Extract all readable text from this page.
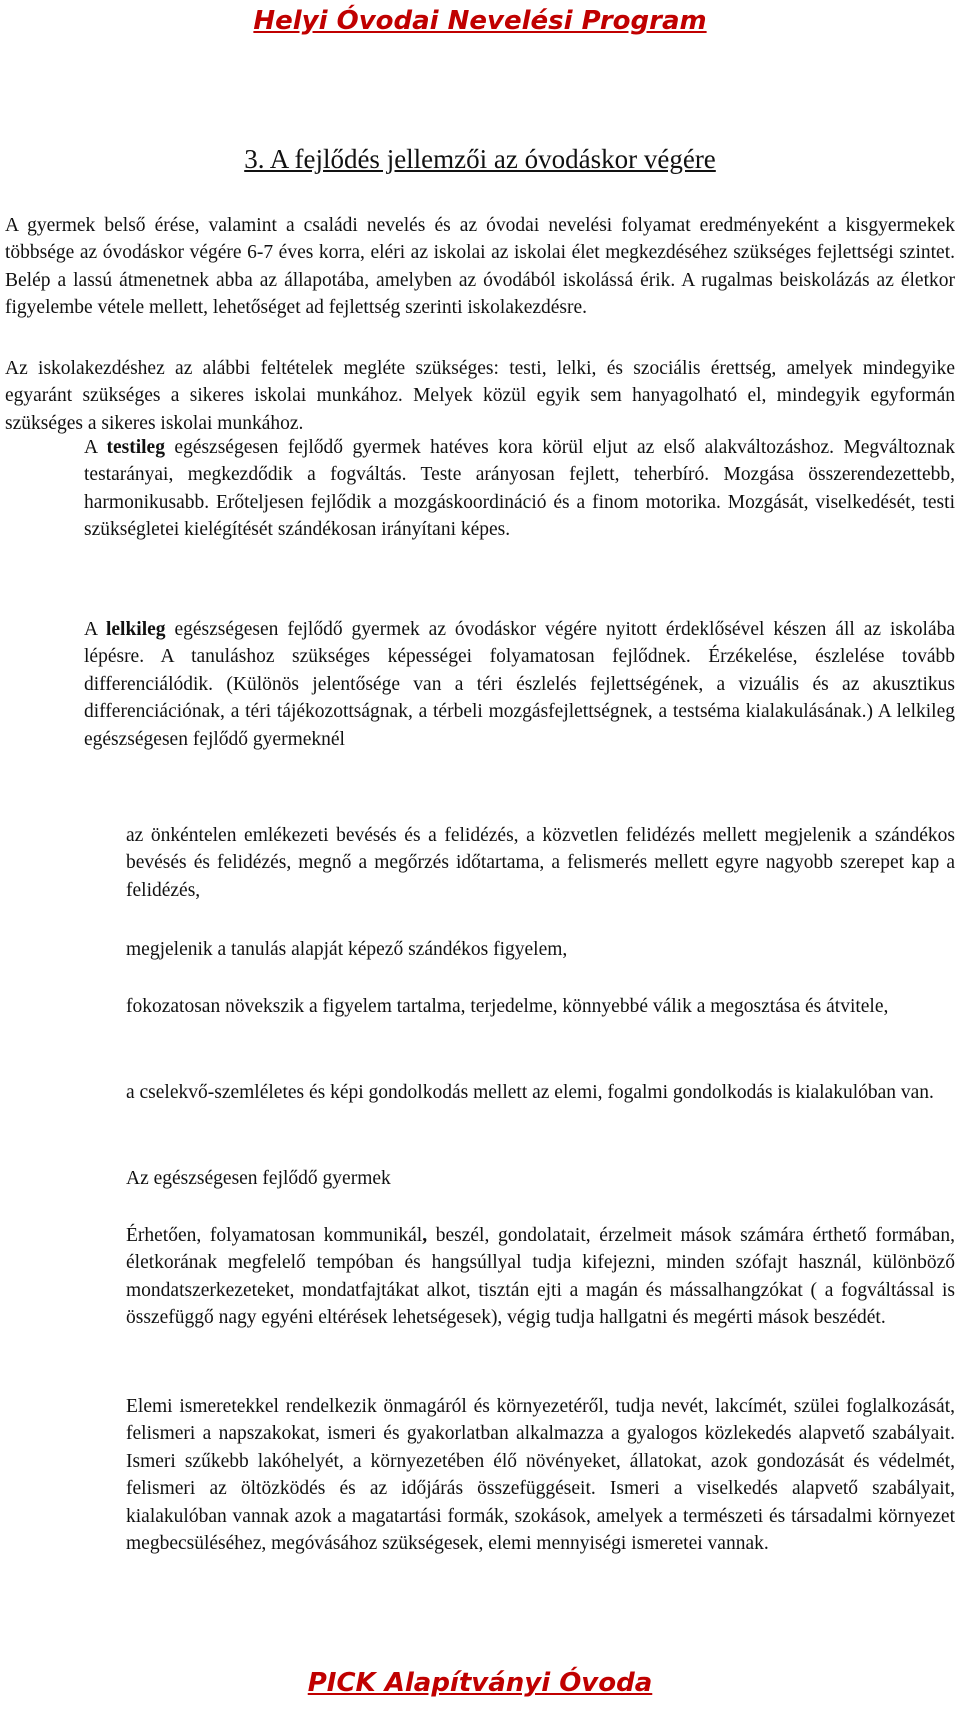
Helyi Óvodai Nevelési Program
3. A fejlődés jellemzői az óvodáskor végére

A gyermek belső érése, valamint a családi nevelés és az óvodai nevelési folyamat eredményeként a kisgyermekek többsége az óvodáskor végére 6-7 éves korra, eléri az iskolai az iskolai élet megkezdéséhez szükséges fejlettségi szintet. Belép a lassú átmenetnek abba az állapotába, amelyben az óvodából iskolássá érik. A rugalmas beiskolázás az életkor figyelembe vétele mellett, lehetőséget ad fejlettség szerinti iskolakezdésre.

Az iskolakezdéshez az alábbi feltételek megléte szükséges: testi, lelki, és szociális érettség, amelyek mindegyike egyaránt szükséges a sikeres iskolai munkához. Melyek közül egyik sem hanyagolható el, mindegyik egyformán szükséges a sikeres iskolai munkához.

A testileg egészségesen fejlődő gyermek hatéves kora körül eljut az első alakváltozáshoz. Megváltoznak testarányai, megkezdődik a fogváltás. Teste arányosan fejlett, teherbíró. Mozgása összerendezettebb, harmonikusabb. Erőteljesen fejlődik a mozgáskoordináció és a finom motorika. Mozgását, viselkedését, testi szükségletei kielégítését szándékosan irányítani képes.

A lelkileg egészségesen fejlődő gyermek az óvodáskor végére nyitott érdeklősével készen áll az iskolába lépésre. A tanuláshoz szükséges képességei folyamatosan fejlődnek. Érzékelése, észlelése tovább differenciálódik. (Különös jelentősége van a téri észlelés fejlettségének, a vizuális és az akusztikus differenciációnak, a téri tájékozottságnak, a térbeli mozgásfejlettségnek, a testséma kialakulásának.) A lelkileg egészségesen fejlődő gyermeknél

az önkéntelen emlékezeti bevésés és a felidézés, a közvetlen felidézés mellett megjelenik a szándékos bevésés és felidézés, megnő a megőrzés időtartama, a felismerés mellett egyre nagyobb szerepet kap a felidézés,

megjelenik a tanulás alapját képező szándékos figyelem,

fokozatosan növekszik a figyelem tartalma, terjedelme, könnyebbé válik a megosztása és átvitele,

a cselekvő-szemléletes és képi gondolkodás mellett az elemi, fogalmi gondolkodás is kialakulóban van.

Az egészségesen fejlődő gyermek

Érhetően, folyamatosan kommunikál, beszél, gondolatait, érzelmeit mások számára érthető formában, életkorának megfelelő tempóban és hangsúllyal tudja kifejezni, minden szófajt használ, különböző mondatszerkezeteket, mondatfajtákat alkot, tisztán ejti a magán és mássalhangzókat ( a fogváltással is összefüggő nagy egyéni eltérések lehetségesek), végig tudja hallgatni és megérti mások beszédét.

Elemi ismeretekkel rendelkezik önmagáról és környezetéről, tudja nevét, lakcímét, szülei foglalkozását, felismeri a napszakokat, ismeri és gyakorlatban alkalmazza a gyalogos közlekedés alapvető szabályait. Ismeri szűkebb lakóhelyét, a környezetében élő növényeket, állatokat, azok gondozását és védelmét, felismeri az öltözködés és az időjárás összefüggéseit. Ismeri a viselkedés alapvető szabályait, kialakulóban vannak azok a magatartási formák, szokások, amelyek a természeti és társadalmi környezet megbecsüléséhez, megóvásához szükségesek, elemi mennyiségi ismeretei vannak.

PICK Alapítványi Óvoda
